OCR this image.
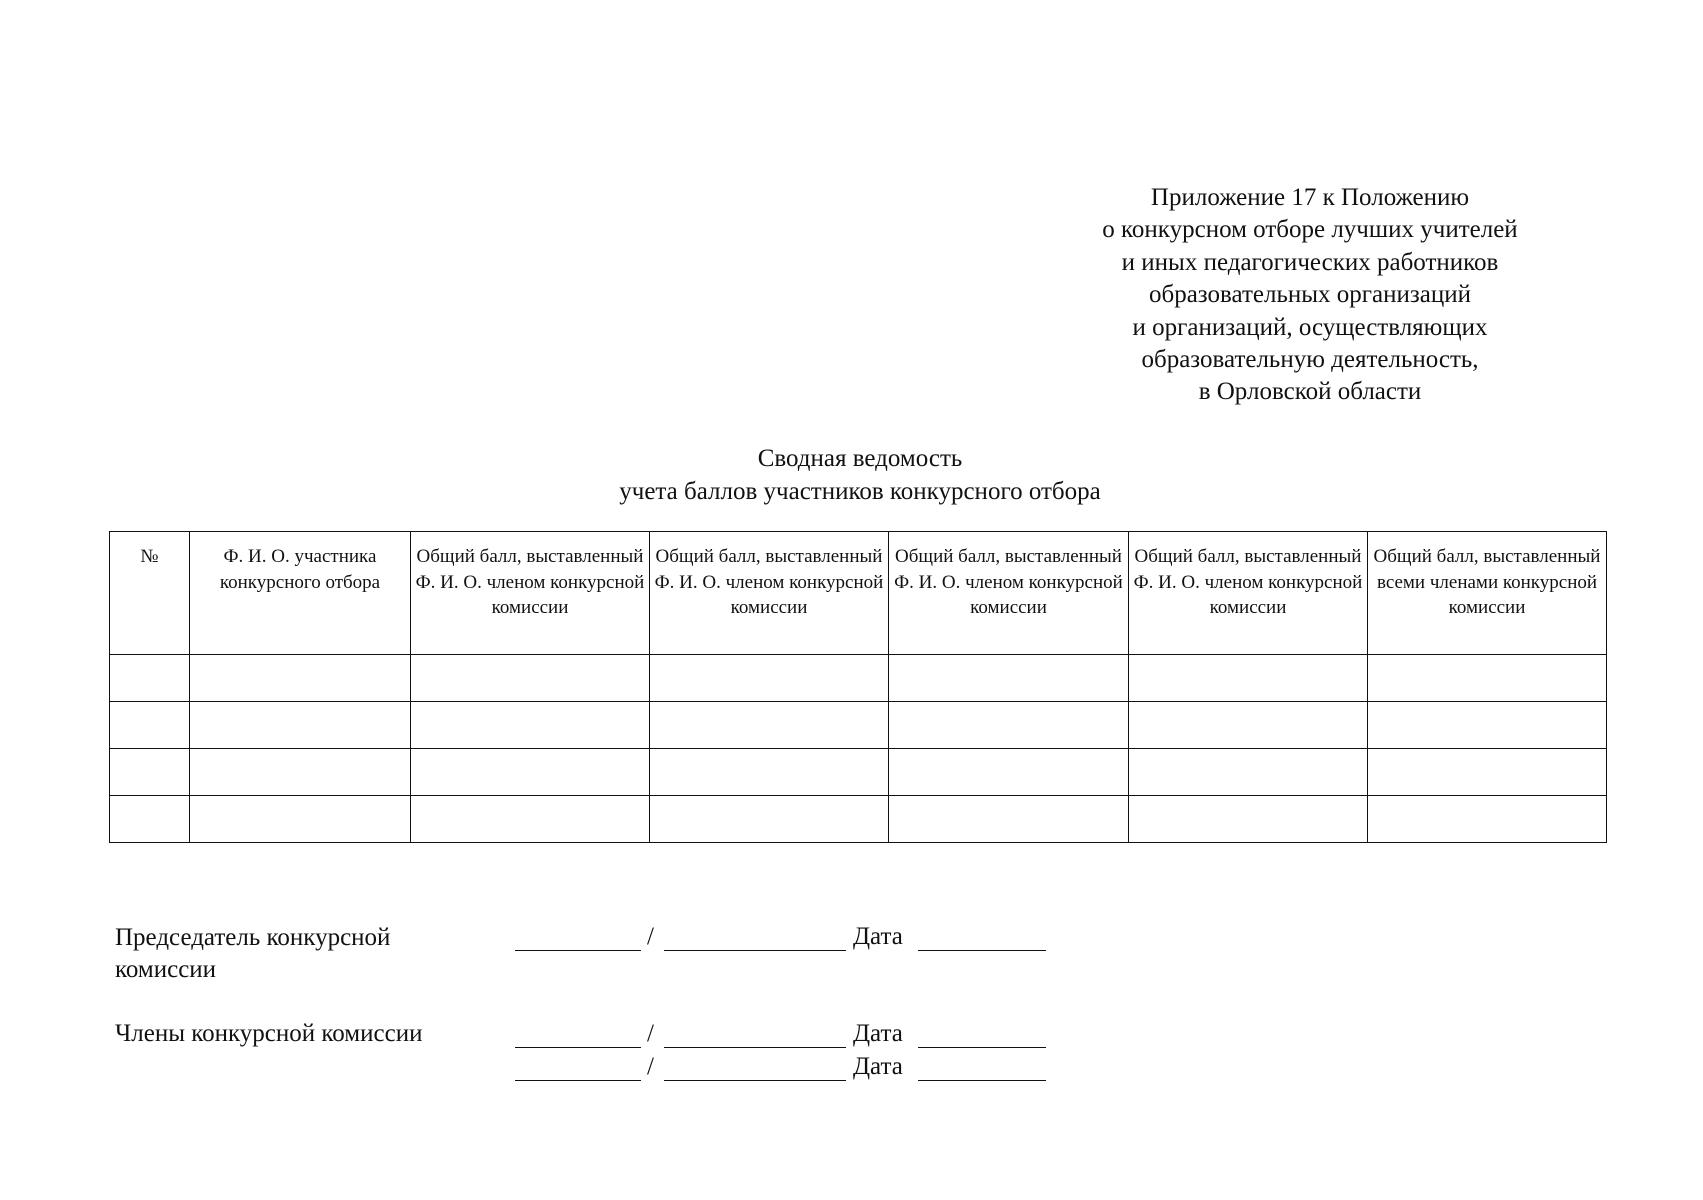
Приложение 17 к Положению
о конкурсном отборе лучших учителей
и иных педагогических работников
образовательных организаций
и организаций, осуществляющих
образовательную деятельность,
в Орловской области
Сводная ведомость
учета баллов участников конкурсного отбора
№	Ф. И. О. участника конкурсного отбора	Общий балл, выставленный Ф. И. О. членом конкурсной комиссии	Общий балл, выставленный Ф. И. О. членом конкурсной комиссии	Общий балл, выставленный Ф. И. О. членом конкурсной комиссии	Общий балл, выставленный Ф. И. О. членом конкурсной комиссии	Общий балл, выставленный всеми членами конкурсной комиссии

Председатель конкурсной
комиссии
/	Дата
Члены конкурсной комиссии	/	Дата
/	Дата
